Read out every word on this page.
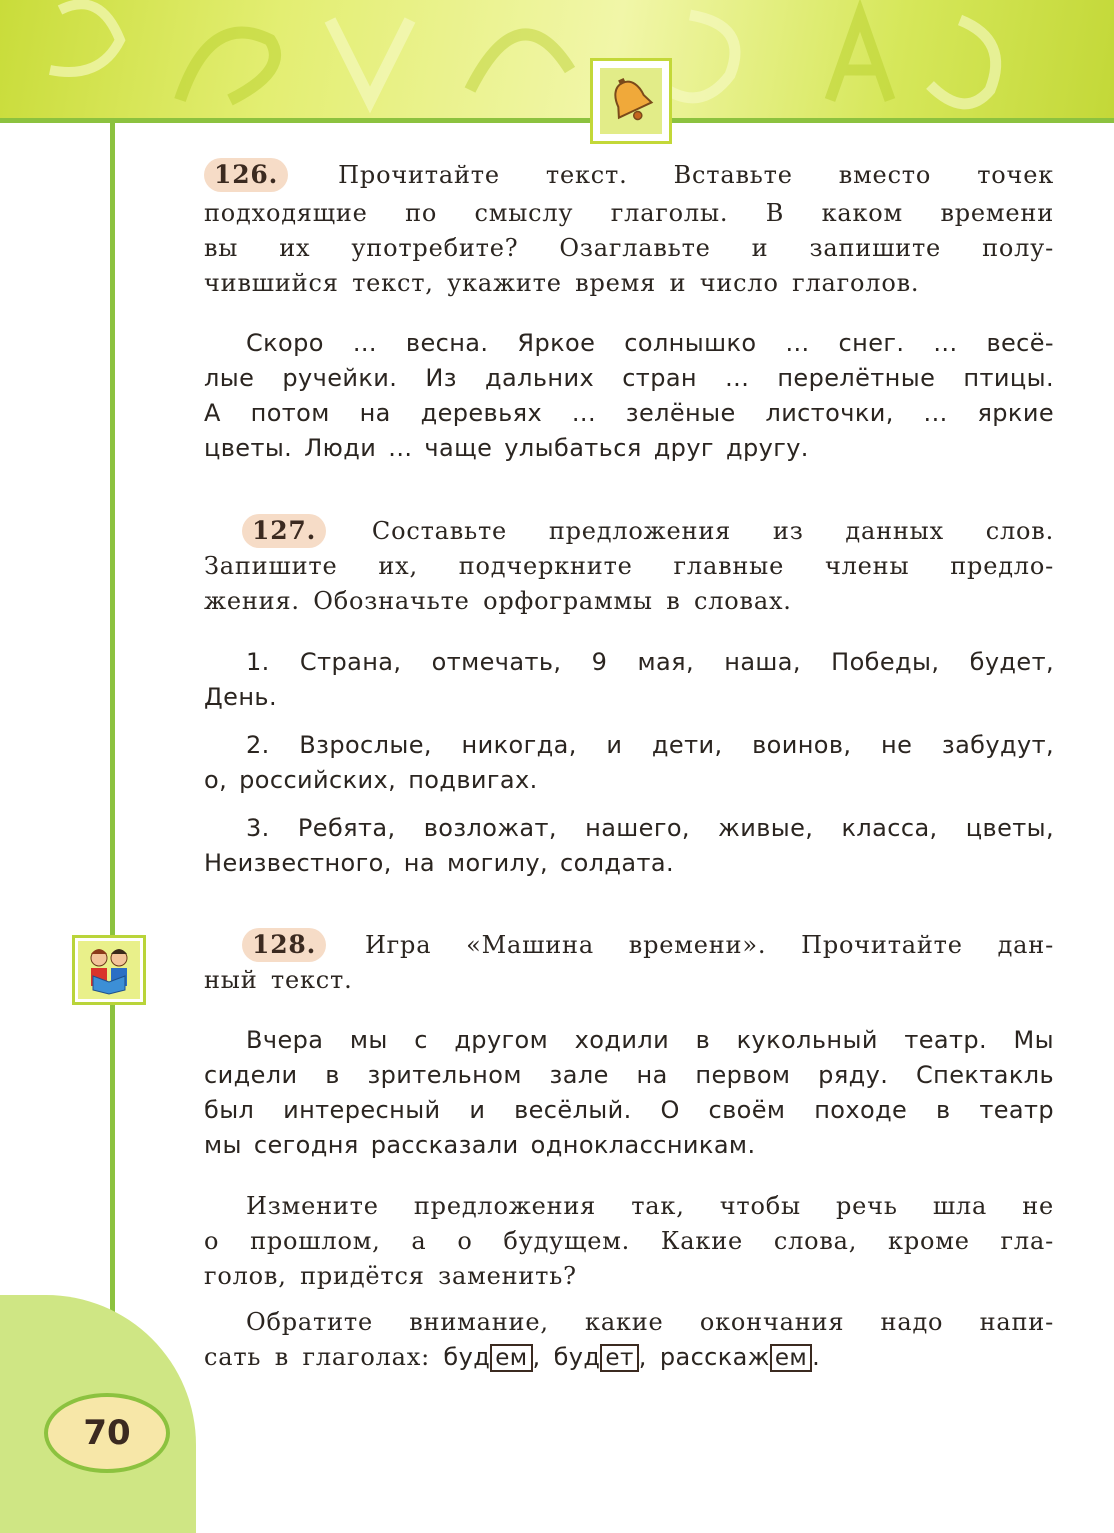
70
126.	Прочитайте текст. Вставьте вместо точек
подходящие по смыслу глаголы. В каком времени
вы их употребите? Озаглавьте и запишите полу-
чившийся текст, укажите время и число глаголов.
Скоро ... весна. Яркое солнышко ... снег. ... весё-
лые ручейки. Из дальних стран ... перелётные птицы.
А потом на деревьях ... зелёные листочки, ... яркие
цветы. Люди ... чаще улыбаться друг другу.
127. Составьте предложения из данных слов.
Запишите их, подчеркните главные члены предло-
жения. Обозначьте орфограммы в словах.
1. Страна, отмечать, 9 мая, наша, Победы, будет,
День.
2. Взрослые, никогда, и дети, воинов, не забудут,
о, российских, подвигах.
3. Ребята, возложат, нашего, живые, класса, цветы,
Неизвестного, на могилу, солдата.
128. Игра «Машина времени». Прочитайте дан-
ный текст.
Вчера мы с другом ходили в кукольный театр. Мы
сидели в зрительном зале на первом ряду. Спектакль
был интересный и весёлый. О своём походе в театр
мы сегодня рассказали одноклассникам.
Измените предложения так, чтобы речь шла не
о прошлом, а о будущем. Какие слова, кроме гла-
голов, придётся заменить?
Обратите внимание, какие окончания надо напи-
сать в глаголах: буд ем , буд ет , расскаж ем .
